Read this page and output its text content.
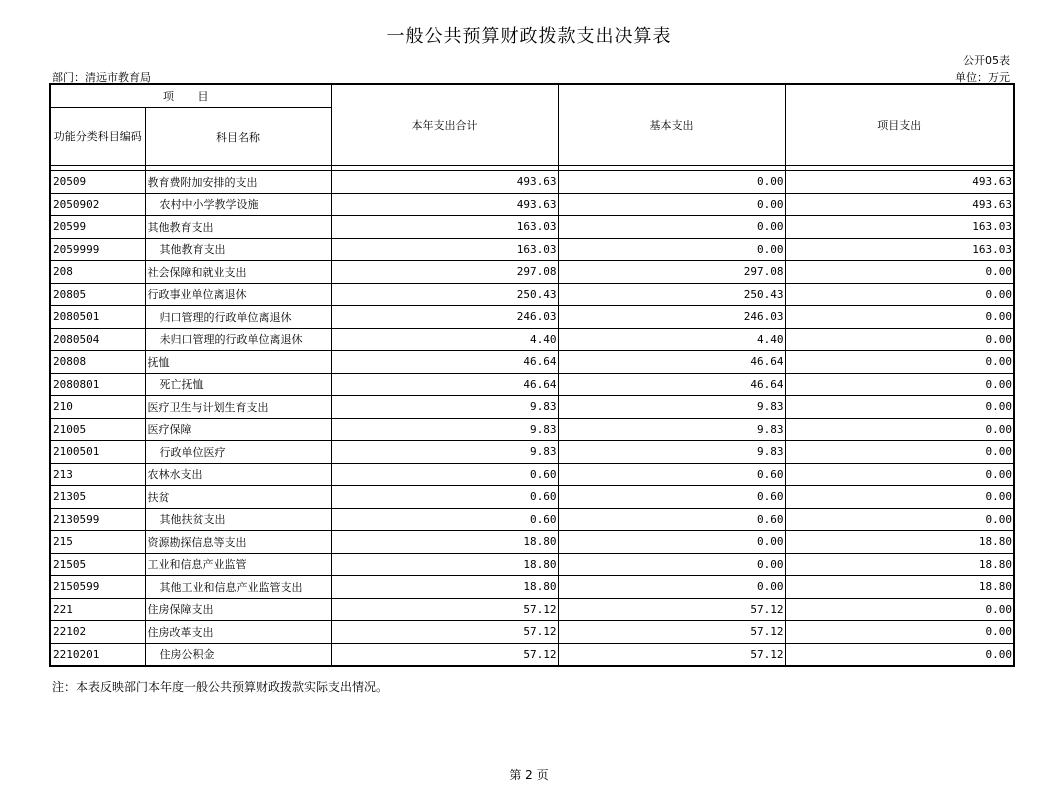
一般公共预算财政拨款支出决算表
公开05表
部门：清远市教育局	单位：万元
项 目		本年支出合计	基本支出	项目支出
功能分类科目编码	科目名称			

20509	教育费附加安排的支出	493.63	0.00	493.63
2050902	农村中小学教学设施	493.63	0.00	493.63
20599	其他教育支出	163.03	0.00	163.03
2059999	其他教育支出	163.03	0.00	163.03
208	社会保障和就业支出	297.08	297.08	0.00
20805	行政事业单位离退休	250.43	250.43	0.00
2080501	归口管理的行政单位离退休	246.03	246.03	0.00
2080504	未归口管理的行政单位离退休	4.40	4.40	0.00
20808	抚恤	46.64	46.64	0.00
2080801	死亡抚恤	46.64	46.64	0.00
210	医疗卫生与计划生育支出	9.83	9.83	0.00
21005	医疗保障	9.83	9.83	0.00
2100501	行政单位医疗	9.83	9.83	0.00
213	农林水支出	0.60	0.60	0.00
21305	扶贫	0.60	0.60	0.00
2130599	其他扶贫支出	0.60	0.60	0.00
215	资源勘探信息等支出	18.80	0.00	18.80
21505	工业和信息产业监管	18.80	0.00	18.80
2150599	其他工业和信息产业监管支出	18.80	0.00	18.80
221	住房保障支出	57.12	57.12	0.00
22102	住房改革支出	57.12	57.12	0.00
2210201	住房公积金	57.12	57.12	0.00
注：本表反映部门本年度一般公共预算财政拨款实际支出情况。
第 2 页
